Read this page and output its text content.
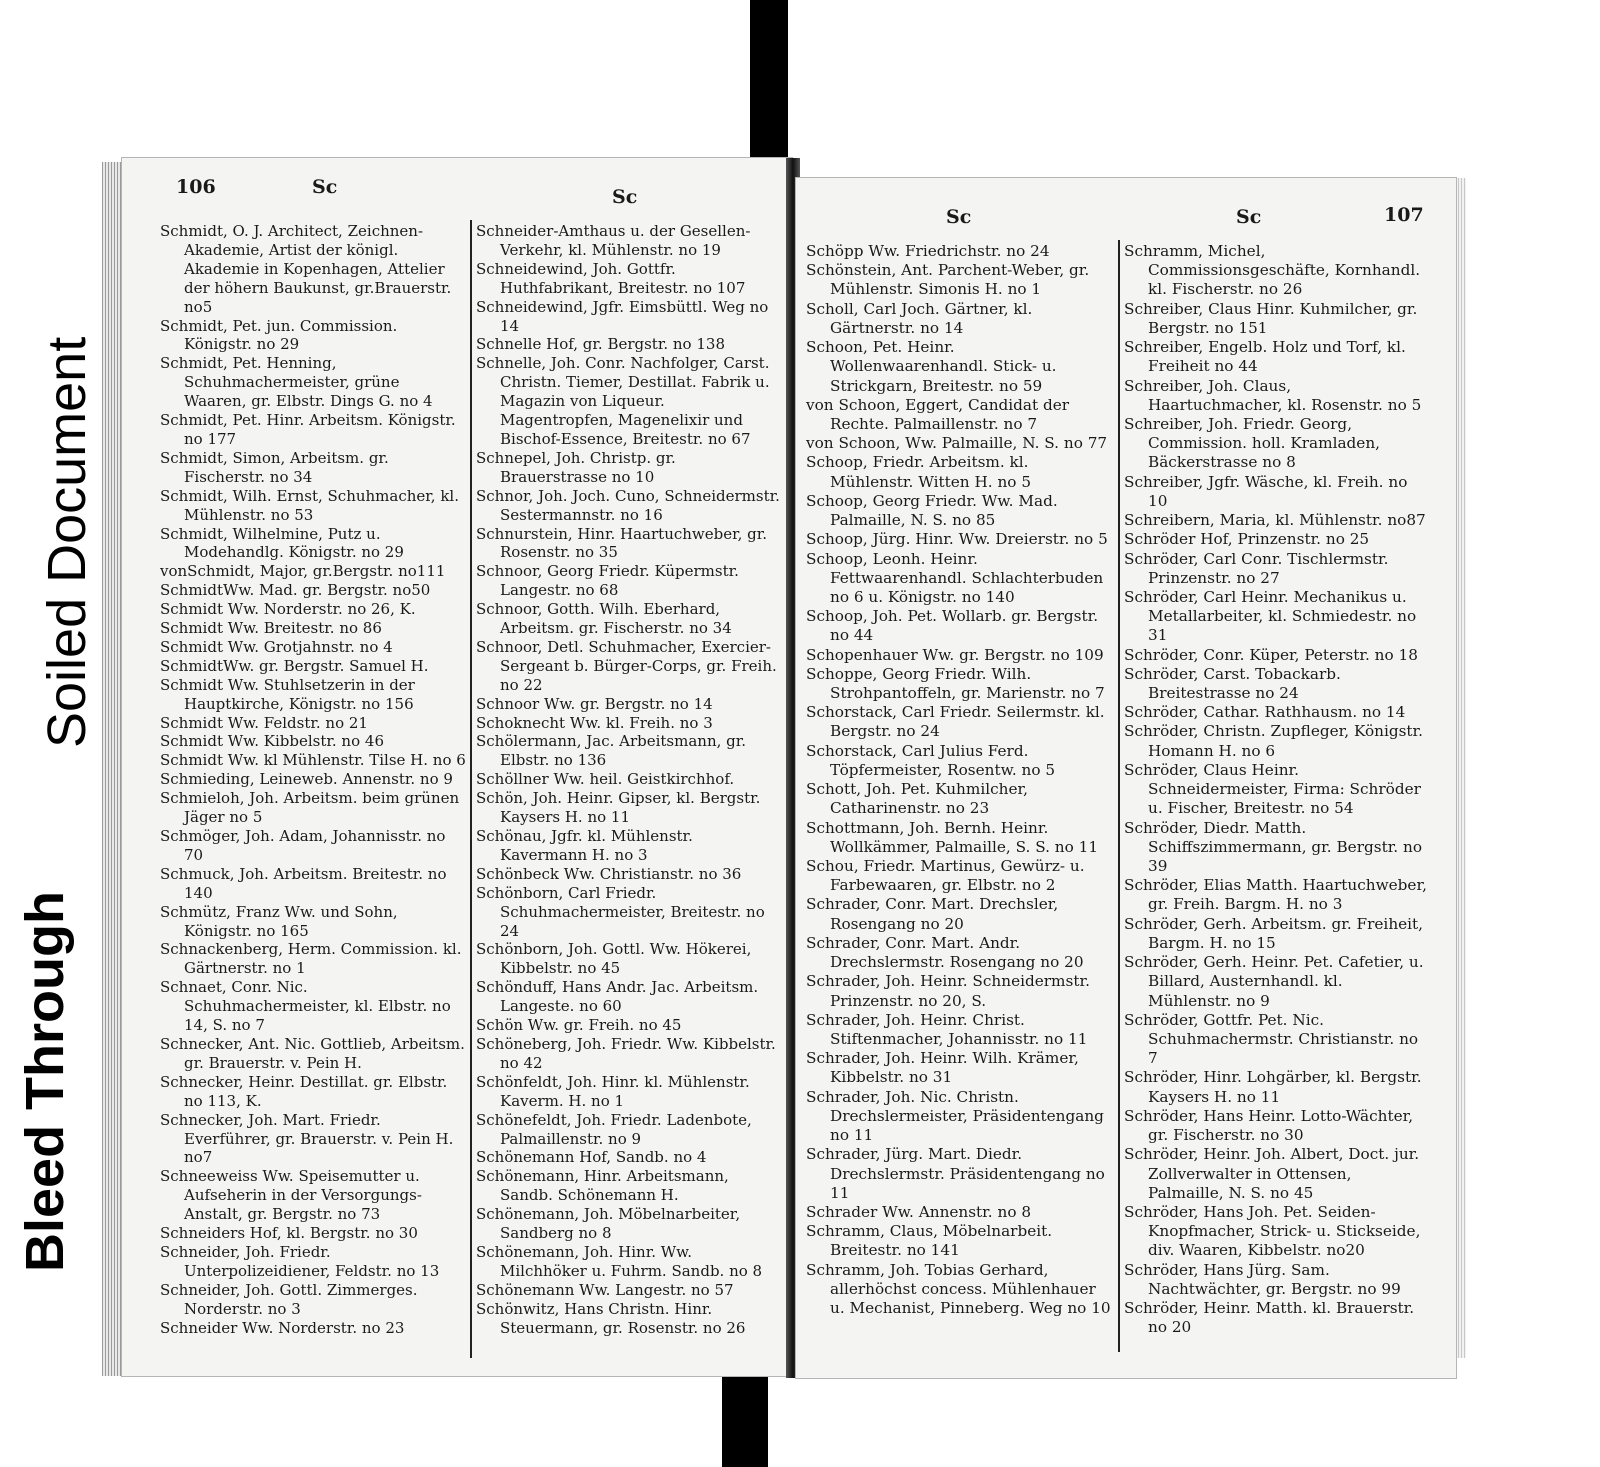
Soiled Document
Bleed Through
106	Sc	Sc

Schmidt, O. J. Architect, Zeichnen-Akademie, Artist der königl. Akademie in Kopenhagen, Attelier der höhern Baukunst, gr.Brauerstr. no5

Schmidt, Pet. jun. Commission. Königstr. no 29

Schmidt, Pet. Henning, Schuhmachermeister, grüne Waaren, gr. Elbstr. Dings G. no 4

Schmidt, Pet. Hinr. Arbeitsm. Königstr. no 177

Schmidt, Simon, Arbeitsm. gr. Fischerstr. no 34

Schmidt, Wilh. Ernst, Schuhmacher, kl. Mühlenstr. no 53

Schmidt, Wilhelmine, Putz u. Modehandlg. Königstr. no 29

vonSchmidt, Major, gr.Bergstr. no111

SchmidtWw. Mad. gr. Bergstr. no50

Schmidt Ww. Norderstr. no 26, K.

Schmidt Ww. Breitestr. no 86

Schmidt Ww. Grotjahnstr. no 4

SchmidtWw. gr. Bergstr. Samuel H.

Schmidt Ww. Stuhlsetzerin in der Hauptkirche, Königstr. no 156

Schmidt Ww. Feldstr. no 21

Schmidt Ww. Kibbelstr. no 46

Schmidt Ww. kl Mühlenstr. Tilse H. no 6

Schmieding, Leineweb. Annenstr. no 9

Schmieloh, Joh. Arbeitsm. beim grünen Jäger no 5

Schmöger, Joh. Adam, Johannisstr. no 70

Schmuck, Joh. Arbeitsm. Breitestr. no 140

Schmütz, Franz Ww. und Sohn, Königstr. no 165

Schnackenberg, Herm. Commission. kl. Gärtnerstr. no 1

Schnaet, Conr. Nic. Schuhmachermeister, kl. Elbstr. no 14, S. no 7

Schnecker, Ant. Nic. Gottlieb, Arbeitsm. gr. Brauerstr. v. Pein H.

Schnecker, Heinr. Destillat. gr. Elbstr. no 113, K.

Schnecker, Joh. Mart. Friedr. Everführer, gr. Brauerstr. v. Pein H. no7

Schneeweiss Ww. Speisemutter u. Aufseherin in der Versorgungs-Anstalt, gr. Bergstr. no 73

Schneiders Hof, kl. Bergstr. no 30

Schneider, Joh. Friedr. Unterpolizeidiener, Feldstr. no 13

Schneider, Joh. Gottl. Zimmerges. Norderstr. no 3

Schneider Ww. Norderstr. no 23

Schneider-Amthaus u. der Gesellen-Verkehr, kl. Mühlenstr. no 19

Schneidewind, Joh. Gottfr. Huthfabrikant, Breitestr. no 107

Schneidewind, Jgfr. Eimsbüttl. Weg no 14

Schnelle Hof, gr. Bergstr. no 138

Schnelle, Joh. Conr. Nachfolger, Carst. Christn. Tiemer, Destillat. Fabrik u. Magazin von Liqueur. Magentropfen, Magenelixir und Bischof-Essence, Breitestr. no 67

Schnepel, Joh. Christp. gr. Brauerstrasse no 10

Schnor, Joh. Joch. Cuno, Schneidermstr. Sestermannstr. no 16

Schnurstein, Hinr. Haartuchweber, gr. Rosenstr. no 35

Schnoor, Georg Friedr. Küpermstr. Langestr. no 68

Schnoor, Gotth. Wilh. Eberhard, Arbeitsm. gr. Fischerstr. no 34

Schnoor, Detl. Schuhmacher, Exercier-Sergeant b. Bürger-Corps, gr. Freih. no 22

Schnoor Ww. gr. Bergstr. no 14

Schoknecht Ww. kl. Freih. no 3

Schölermann, Jac. Arbeitsmann, gr. Elbstr. no 136

Schöllner Ww. heil. Geistkirchhof.

Schön, Joh. Heinr. Gipser, kl. Bergstr. Kaysers H. no 11

Schönau, Jgfr. kl. Mühlenstr. Kavermann H. no 3

Schönbeck Ww. Christianstr. no 36

Schönborn, Carl Friedr. Schuhmachermeister, Breitestr. no 24

Schönborn, Joh. Gottl. Ww. Hökerei, Kibbelstr. no 45

Schönduff, Hans Andr. Jac. Arbeitsm. Langeste. no 60

Schön Ww. gr. Freih. no 45

Schöneberg, Joh. Friedr. Ww. Kibbelstr. no 42

Schönfeldt, Joh. Hinr. kl. Mühlenstr. Kaverm. H. no 1

Schönefeldt, Joh. Friedr. Ladenbote, Palmaillenstr. no 9

Schönemann Hof, Sandb. no 4

Schönemann, Hinr. Arbeitsmann, Sandb. Schönemann H.

Schönemann, Joh. Möbelnarbeiter, Sandberg no 8

Schönemann, Joh. Hinr. Ww. Milchhöker u. Fuhrm. Sandb. no 8

Schönemann Ww. Langestr. no 57

Schönwitz, Hans Christn. Hinr. Steuermann, gr. Rosenstr. no 26

Sc	Sc	107

Schöpp Ww. Friedrichstr. no 24

Schönstein, Ant. Parchent-Weber, gr. Mühlenstr. Simonis H. no 1

Scholl, Carl Joch. Gärtner, kl. Gärtnerstr. no 14

Schoon, Pet. Heinr. Wollenwaarenhandl. Stick- u. Strickgarn, Breitestr. no 59

von Schoon, Eggert, Candidat der Rechte. Palmaillenstr. no 7

von Schoon, Ww. Palmaille, N. S. no 77

Schoop, Friedr. Arbeitsm. kl. Mühlenstr. Witten H. no 5

Schoop, Georg Friedr. Ww. Mad. Palmaille, N. S. no 85

Schoop, Jürg. Hinr. Ww. Dreierstr. no 5

Schoop, Leonh. Heinr. Fettwaarenhandl. Schlachterbuden no 6 u. Königstr. no 140

Schoop, Joh. Pet. Wollarb. gr. Bergstr. no 44

Schopenhauer Ww. gr. Bergstr. no 109

Schoppe, Georg Friedr. Wilh. Strohpantoffeln, gr. Marienstr. no 7

Schorstack, Carl Friedr. Seilermstr. kl. Bergstr. no 24

Schorstack, Carl Julius Ferd. Töpfermeister, Rosentw. no 5

Schott, Joh. Pet. Kuhmilcher, Catharinenstr. no 23

Schottmann, Joh. Bernh. Heinr. Wollkämmer, Palmaille, S. S. no 11

Schou, Friedr. Martinus, Gewürz- u. Farbewaaren, gr. Elbstr. no 2

Schrader, Conr. Mart. Drechsler, Rosengang no 20

Schrader, Conr. Mart. Andr. Drechslermstr. Rosengang no 20

Schrader, Joh. Heinr. Schneidermstr. Prinzenstr. no 20, S.

Schrader, Joh. Heinr. Christ. Stiftenmacher, Johannisstr. no 11

Schrader, Joh. Heinr. Wilh. Krämer, Kibbelstr. no 31

Schrader, Joh. Nic. Christn. Drechslermeister, Präsidentengang no 11

Schrader, Jürg. Mart. Diedr. Drechslermstr. Präsidentengang no 11

Schrader Ww. Annenstr. no 8

Schramm, Claus, Möbelnarbeit. Breitestr. no 141

Schramm, Joh. Tobias Gerhard, allerhöchst concess. Mühlenhauer u. Mechanist, Pinneberg. Weg no 10

Schramm, Michel, Commissionsgeschäfte, Kornhandl. kl. Fischerstr. no 26

Schreiber, Claus Hinr. Kuhmilcher, gr. Bergstr. no 151

Schreiber, Engelb. Holz und Torf, kl. Freiheit no 44

Schreiber, Joh. Claus, Haartuchmacher, kl. Rosenstr. no 5

Schreiber, Joh. Friedr. Georg, Commission. holl. Kramladen, Bäckerstrasse no 8

Schreiber, Jgfr. Wäsche, kl. Freih. no 10

Schreibern, Maria, kl. Mühlenstr. no87

Schröder Hof, Prinzenstr. no 25

Schröder, Carl Conr. Tischlermstr. Prinzenstr. no 27

Schröder, Carl Heinr. Mechanikus u. Metallarbeiter, kl. Schmiedestr. no 31

Schröder, Conr. Küper, Peterstr. no 18

Schröder, Carst. Tobackarb. Breitestrasse no 24

Schröder, Cathar. Rathhausm. no 14

Schröder, Christn. Zupfleger, Königstr. Homann H. no 6

Schröder, Claus Heinr. Schneidermeister, Firma: Schröder u. Fischer, Breitestr. no 54

Schröder, Diedr. Matth. Schiffszimmermann, gr. Bergstr. no 39

Schröder, Elias Matth. Haartuchweber, gr. Freih. Bargm. H. no 3

Schröder, Gerh. Arbeitsm. gr. Freiheit, Bargm. H. no 15

Schröder, Gerh. Heinr. Pet. Cafetier, u. Billard, Austernhandl. kl. Mühlenstr. no 9

Schröder, Gottfr. Pet. Nic. Schuhmachermstr. Christianstr. no 7

Schröder, Hinr. Lohgärber, kl. Bergstr. Kaysers H. no 11

Schröder, Hans Heinr. Lotto-Wächter, gr. Fischerstr. no 30

Schröder, Heinr. Joh. Albert, Doct. jur. Zollverwalter in Ottensen, Palmaille, N. S. no 45

Schröder, Hans Joh. Pet. Seiden-Knopfmacher, Strick- u. Stickseide, div. Waaren, Kibbelstr. no20

Schröder, Hans Jürg. Sam. Nachtwächter, gr. Bergstr. no 99

Schröder, Heinr. Matth. kl. Brauerstr. no 20
